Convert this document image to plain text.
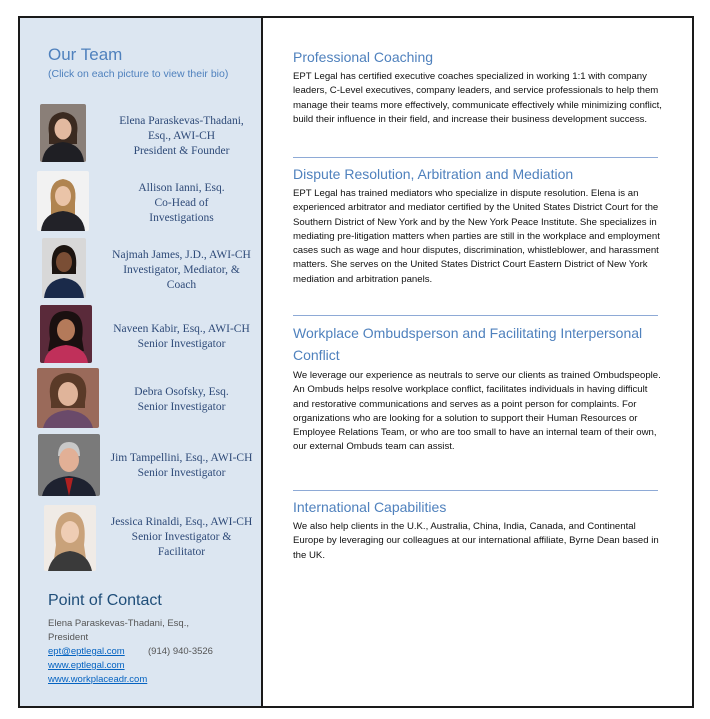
Our Team
(Click on each picture to view their bio)
Elena Paraskevas-Thadani,
Esq., AWI-CH
President & Founder
Allison Ianni, Esq.
Co-Head of
Investigations
Najmah James, J.D., AWI-CH
Investigator, Mediator, &
Coach
Naveen Kabir, Esq., AWI-CH
Senior Investigator
Debra Osofsky, Esq.
Senior Investigator
Jim Tampellini, Esq., AWI-CH
Senior Investigator
Jessica Rinaldi, Esq., AWI-CH
Senior Investigator &
Facilitator
Point of Contact
Elena Paraskevas-Thadani, Esq.,
President
ept@eptlegal.com (914) 940-3526
www.eptlegal.com
www.workplaceadr.com
Professional Coaching

EPT Legal has certified executive coaches specialized in working 1:1 with company leaders, C-Level executives, company leaders, and service professionals to help them manage their teams more effectively, communicate effectively while minimizing conflict, build their influence in their field, and increase their business development success.

Dispute Resolution, Arbitration and Mediation

EPT Legal has trained mediators who specialize in dispute resolution. Elena is an experienced arbitrator and mediator certified by the United States District Court for the Southern District of New York and by the New York Peace Institute. She specializes in mediating pre-litigation matters when parties are still in the workplace and employment cases such as wage and hour disputes, discrimination, whistleblower, and harassment matters. She serves on the United States District Court Eastern District of New York mediation and arbitration panels.

Workplace Ombudsperson and Facilitating Interpersonal Conflict

We leverage our experience as neutrals to serve our clients as trained Ombudspeople. An Ombuds helps resolve workplace conflict, facilitates individuals in having difficult and restorative communications and serves as a point person for complaints. For organizations who are looking for a solution to support their Human Resources or Employee Relations Team, or who are too small to have an internal team of their own, our external Ombuds team can assist.

International Capabilities

We also help clients in the U.K., Australia, China, India, Canada, and Continental Europe by leveraging our colleagues at our international affiliate, Byrne Dean based in the UK.
